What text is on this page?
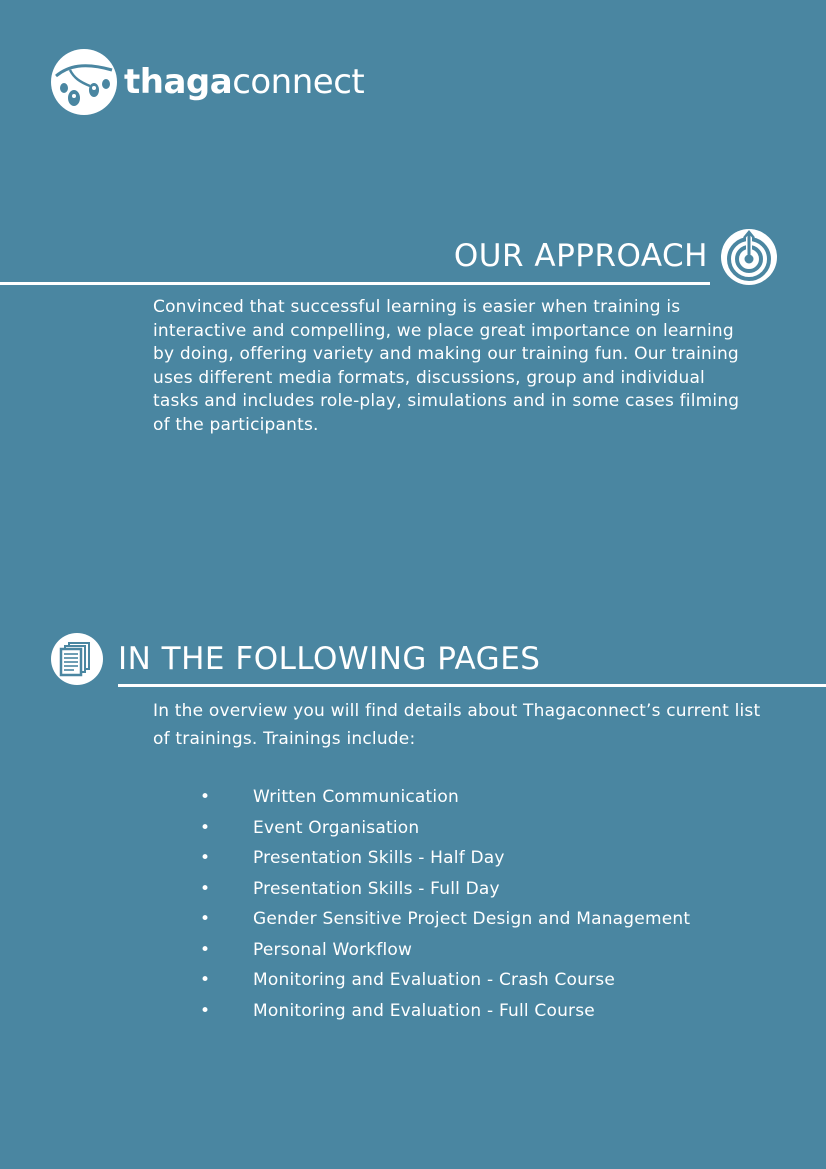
thagaconnect
OUR APPROACH
Convinced that successful learning is easier when training is interactive and compelling, we place great importance on learning by doing, offering variety and making our training fun. Our training uses different media formats, discussions, group and individual tasks and includes role-play, simulations and in some cases filming of the participants.
IN THE FOLLOWING PAGES
In the overview you will find details about Thagaconnect’s current list of trainings. Trainings include:
•	Written Communication
•	Event Organisation
•	Presentation Skills - Half Day
•	Presentation Skills - Full Day
•	Gender Sensitive Project Design and Management
•	Personal Workflow
•	Monitoring and Evaluation - Crash Course
•	Monitoring and Evaluation - Full Course
